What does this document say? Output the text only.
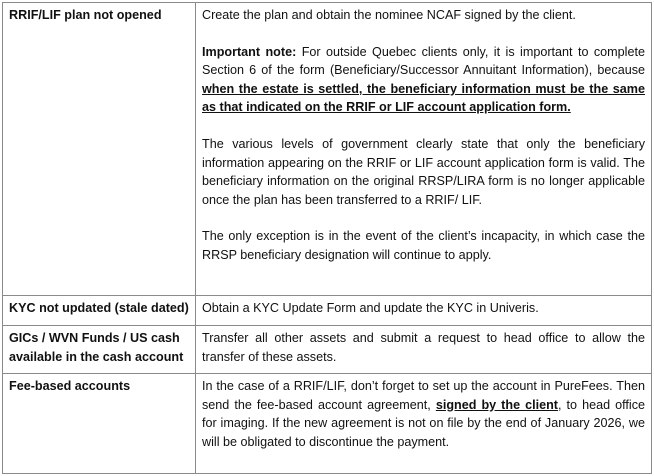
RRIF/LIF plan not opened	Create the plan and obtain the nominee NCAF signed by the client.

Important note: For outside Quebec clients only, it is important to complete Section 6 of the form (Beneficiary/Successor Annuitant Information), because when the estate is settled, the beneficiary information must be the same as that indicated on the RRIF or LIF account application form.

The various levels of government clearly state that only the beneficiary information appearing on the RRIF or LIF account application form is valid. The beneficiary information on the original RRSP/LIRA form is no longer applicable once the plan has been transferred to a RRIF/ LIF.

The only exception is in the event of the client’s incapacity, in which case the RRSP beneficiary designation will continue to apply.

KYC not updated (stale dated)	Obtain a KYC Update Form and update the KYC in Univeris.

GICs / WVN Funds / US cash available in the cash account	Transfer all other assets and submit a request to head office to allow the transfer of these assets.

Fee-based accounts	In the case of a RRIF/LIF, don’t forget to set up the account in PureFees. Then send the fee-based account agreement, signed by the client, to head office for imaging. If the new agreement is not on file by the end of January 2026, we will be obligated to discontinue the payment.
